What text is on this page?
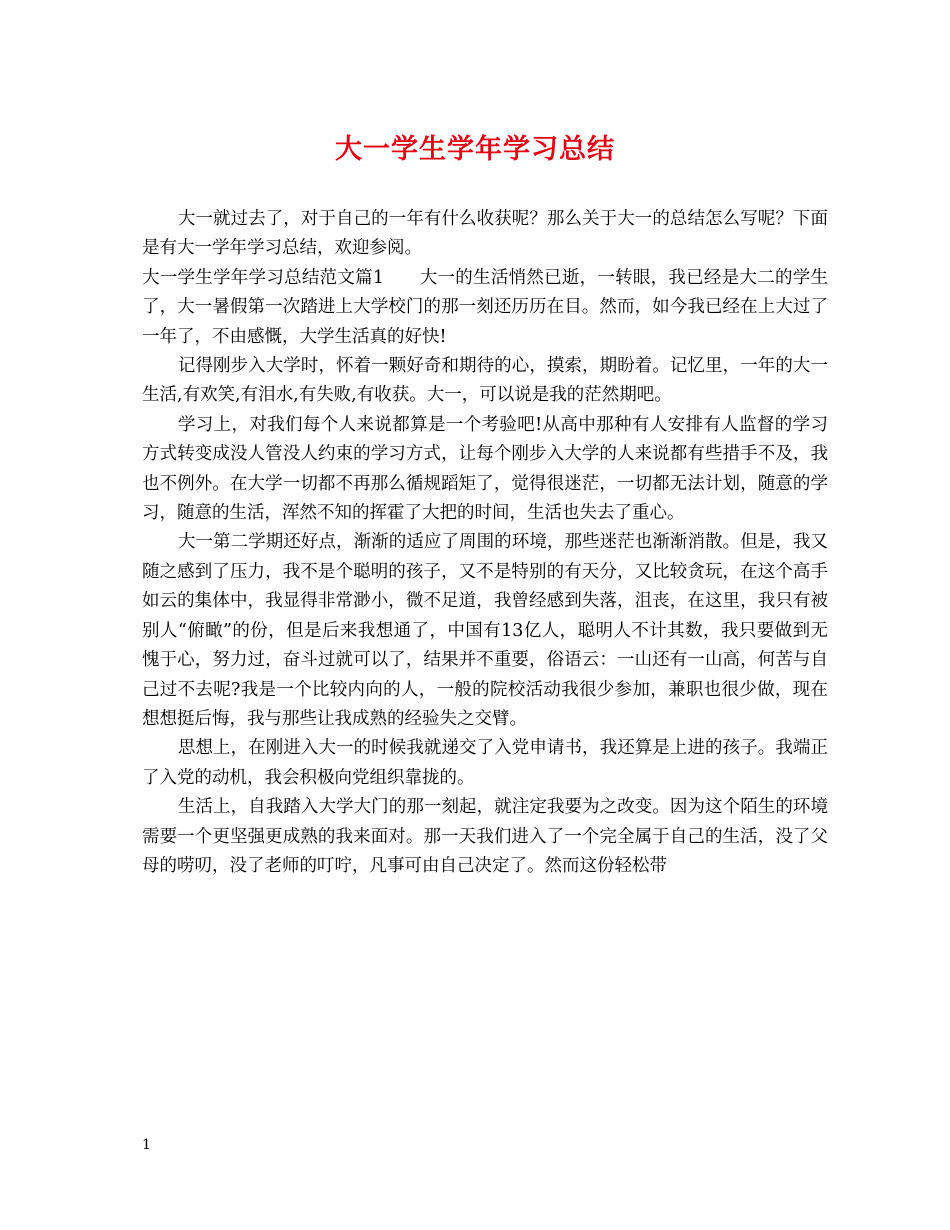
大一学生学年学习总结

大一就过去了，对于自己的一年有什么收获呢？那么关于大一的总结怎么写呢？下面是有大一学年学习总结，欢迎参阅。

大一学生学年学习总结范文篇1　　大一的生活悄然已逝，一转眼，我已经是大二的学生了，大一暑假第一次踏进上大学校门的那一刻还历历在目。然而，如今我已经在上大过了一年了，不由感慨，大学生活真的好快!

记得刚步入大学时，怀着一颗好奇和期待的心，摸索，期盼着。记忆里，一年的大一生活,有欢笑,有泪水,有失败,有收获。大一，可以说是我的茫然期吧。

学习上，对我们每个人来说都算是一个考验吧!从高中那种有人安排有人监督的学习方式转变成没人管没人约束的学习方式，让每个刚步入大学的人来说都有些措手不及，我也不例外。在大学一切都不再那么循规蹈矩了，觉得很迷茫，一切都无法计划，随意的学习，随意的生活，浑然不知的挥霍了大把的时间，生活也失去了重心。

大一第二学期还好点，渐渐的适应了周围的环境，那些迷茫也渐渐消散。但是，我又随之感到了压力，我不是个聪明的孩子，又不是特别的有天分，又比较贪玩，在这个高手如云的集体中，我显得非常渺小，微不足道，我曾经感到失落，沮丧，在这里，我只有被别人“俯瞰”的份，但是后来我想通了，中国有13亿人，聪明人不计其数，我只要做到无愧于心，努力过，奋斗过就可以了，结果并不重要，俗语云：一山还有一山高，何苦与自己过不去呢?我是一个比较内向的人，一般的院校活动我很少参加，兼职也很少做，现在想想挺后悔，我与那些让我成熟的经验失之交臂。

思想上，在刚进入大一的时候我就递交了入党申请书，我还算是上进的孩子。我端正了入党的动机，我会积极向党组织靠拢的。

生活上，自我踏入大学大门的那一刻起，就注定我要为之改变。因为这个陌生的环境需要一个更坚强更成熟的我来面对。那一天我们进入了一个完全属于自己的生活，没了父母的唠叨，没了老师的叮咛，凡事可由自己决定了。然而这份轻松带

1
